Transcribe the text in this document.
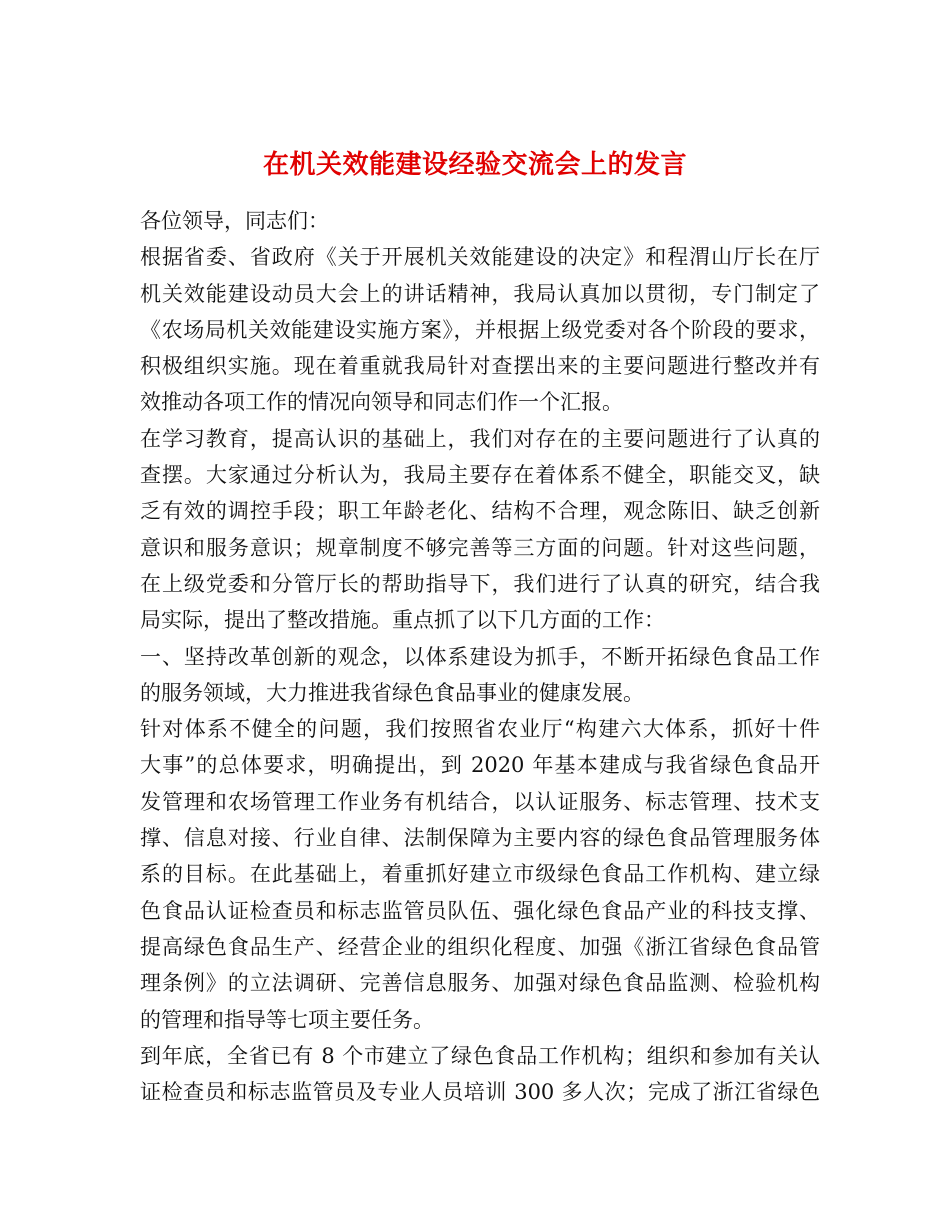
在机关效能建设经验交流会上的发言
各位领导，同志们：
根据省委、省政府《关于开展机关效能建设的决定》和程渭山厅长在厅
机关效能建设动员大会上的讲话精神，我局认真加以贯彻，专门制定了
《农场局机关效能建设实施方案》，并根据上级党委对各个阶段的要求，
积极组织实施。现在着重就我局针对查摆出来的主要问题进行整改并有
效推动各项工作的情况向领导和同志们作一个汇报。
在学习教育，提高认识的基础上，我们对存在的主要问题进行了认真的
查摆。大家通过分析认为，我局主要存在着体系不健全，职能交叉，缺
乏有效的调控手段；职工年龄老化、结构不合理，观念陈旧、缺乏创新
意识和服务意识；规章制度不够完善等三方面的问题。针对这些问题，
在上级党委和分管厅长的帮助指导下，我们进行了认真的研究，结合我
局实际，提出了整改措施。重点抓了以下几方面的工作：
一、坚持改革创新的观念，以体系建设为抓手，不断开拓绿色食品工作
的服务领域，大力推进我省绿色食品事业的健康发展。
针对体系不健全的问题，我们按照省农业厅“构建六大体系，抓好十件
大事”的总体要求，明确提出，到 2020 年基本建成与我省绿色食品开
发管理和农场管理工作业务有机结合，以认证服务、标志管理、技术支
撑、信息对接、行业自律、法制保障为主要内容的绿色食品管理服务体
系的目标。在此基础上，着重抓好建立市级绿色食品工作机构、建立绿
色食品认证检查员和标志监管员队伍、强化绿色食品产业的科技支撑、
提高绿色食品生产、经营企业的组织化程度、加强《浙江省绿色食品管
理条例》的立法调研、完善信息服务、加强对绿色食品监测、检验机构
的管理和指导等七项主要任务。
到年底，全省已有 8 个市建立了绿色食品工作机构；组织和参加有关认
证检查员和标志监管员及专业人员培训 300 多人次；完成了浙江省绿色
